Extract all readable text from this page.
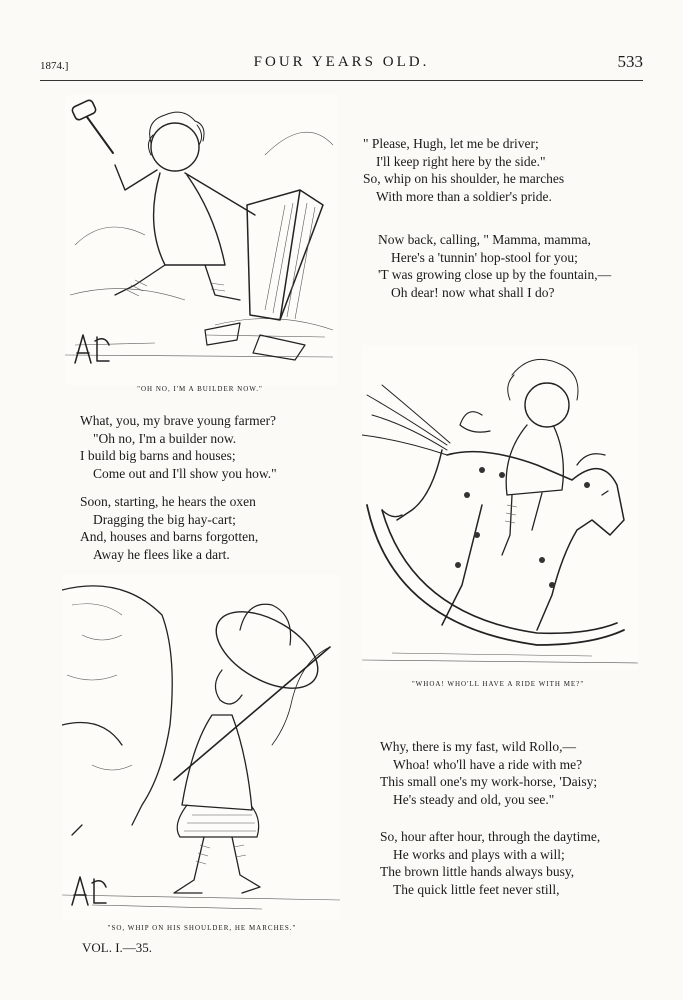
1874.]	FOUR YEARS OLD.	533
"OH NO, I'M A BUILDER NOW."
What, you, my brave young farmer?
"Oh no, I'm a builder now.
I build big barns and houses;
Come out and I'll show you how."
Soon, starting, he hears the oxen
Dragging the big hay-cart;
And, houses and barns forgotten,
Away he flees like a dart.
"SO, WHIP ON HIS SHOULDER, HE MARCHES."
VOL. I.—35.
" Please, Hugh, let me be driver;
I'll keep right here by the side."
So, whip on his shoulder, he marches
With more than a soldier's pride.
Now back, calling, " Mamma, mamma,
Here's a 'tunnin' hop-stool for you;
'T was growing close up by the fountain,—
Oh dear! now what shall I do?
"WHOA! WHO'LL HAVE A RIDE WITH ME?"
Why, there is my fast, wild Rollo,—
Whoa! who'll have a ride with me?
This small one's my work-horse, 'Daisy;
He's steady and old, you see."
So, hour after hour, through the daytime,
He works and plays with a will;
The brown little hands always busy,
The quick little feet never still,
